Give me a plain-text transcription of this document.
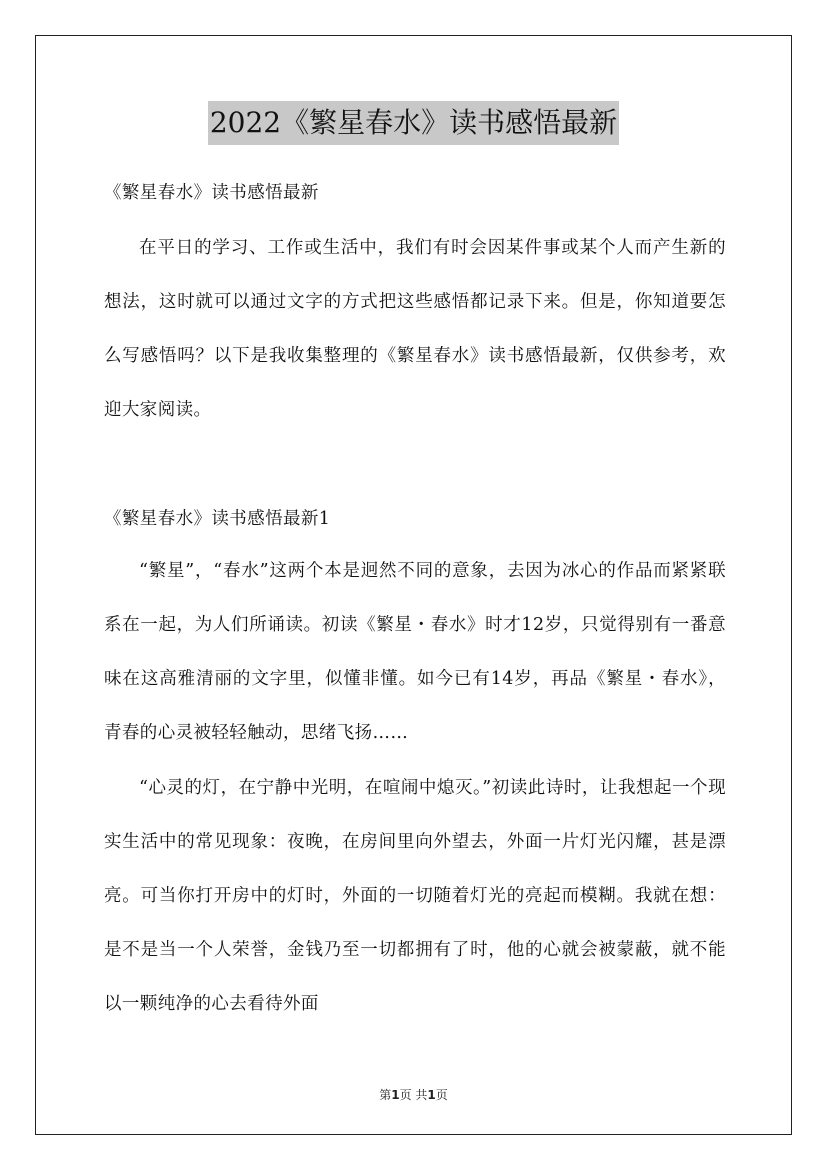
2022《繁星春水》读书感悟最新
《繁星春水》读书感悟最新
在平日的学习、工作或生活中，我们有时会因某件事或某个人而产生新的想法，这时就可以通过文字的方式把这些感悟都记录下来。但是，你知道要怎么写感悟吗？以下是我收集整理的《繁星春水》读书感悟最新，仅供参考，欢迎大家阅读。
《繁星春水》读书感悟最新1
“繁星”，“春水”这两个本是迥然不同的意象，去因为冰心的作品而紧紧联系在一起，为人们所诵读。初读《繁星・春水》时才12岁，只觉得别有一番意味在这高雅清丽的文字里，似懂非懂。如今已有14岁，再品《繁星・春水》，青春的心灵被轻轻触动，思绪飞扬……
“心灵的灯，在宁静中光明，在喧闹中熄灭。”初读此诗时，让我想起一个现实生活中的常见现象：夜晚，在房间里向外望去，外面一片灯光闪耀，甚是漂亮。可当你打开房中的灯时，外面的一切随着灯光的亮起而模糊。我就在想：是不是当一个人荣誉，金钱乃至一切都拥有了时，他的心就会被蒙蔽，就不能以一颗纯净的心去看待外面
第1页 共1页
